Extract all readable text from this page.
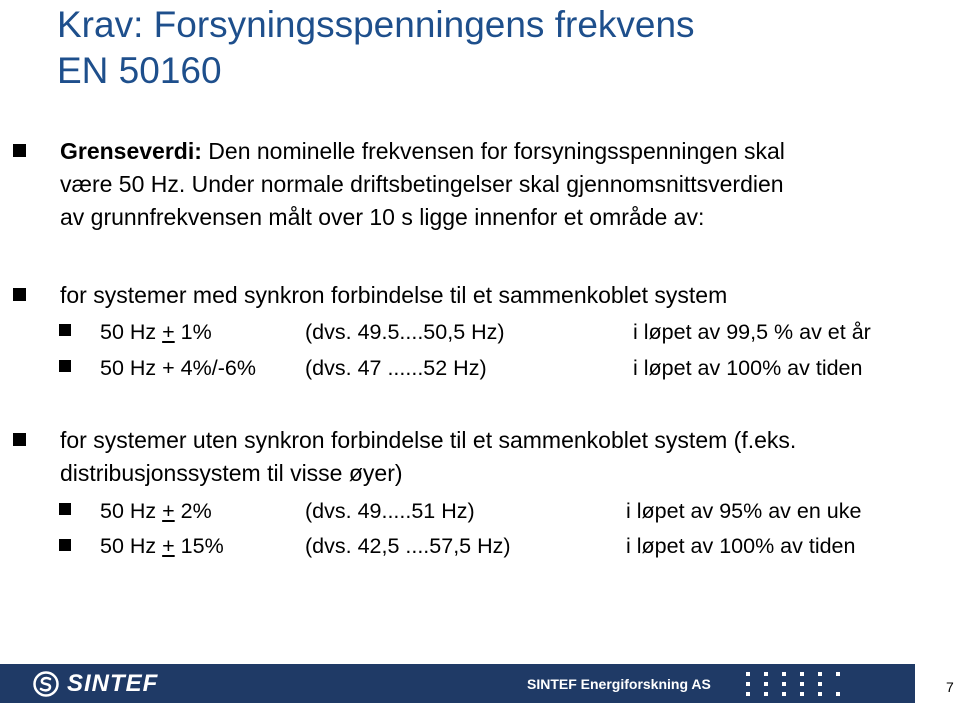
Krav: Forsyningsspenningens frekvens
EN 50160
Grenseverdi: Den nominelle frekvensen for forsyningsspenningen skal
være 50 Hz. Under normale driftsbetingelser skal gjennomsnittsverdien
av grunnfrekvensen målt over 10 s ligge innenfor et område av:
for systemer med synkron forbindelse til et sammenkoblet system
50 Hz + 1%	(dvs. 49.5....50,5 Hz)	i løpet av 99,5 % av et år
50 Hz + 4%/-6% (dvs. 47 ......52 Hz)	i løpet av 100% av tiden
for systemer uten synkron forbindelse til et sammenkoblet system (f.eks.
distribusjonssystem til visse øyer)
50 Hz + 2%	(dvs. 49.....51 Hz)	i løpet av 95% av en uke
50 Hz + 15%	(dvs. 42,5 ....57,5 Hz)	i løpet av 100% av tiden
SINTEF	SINTEF Energiforskning AS	7
